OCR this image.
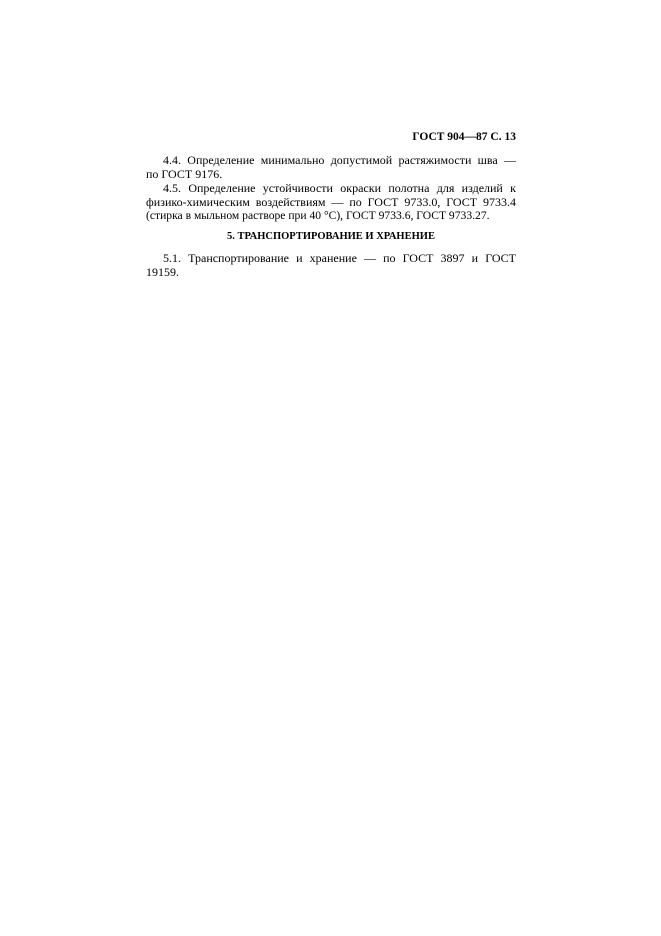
ГОСТ 904—87 С. 13
4.4. Определение минимально допустимой растяжимости шва —
по ГОСТ 9176.
4.5. Определение устойчивости окраски полотна для изделий к
физико-химическим воздействиям — по ГОСТ 9733.0, ГОСТ 9733.4
(стирка в мыльном растворе при 40 °С), ГОСТ 9733.6, ГОСТ 9733.27.
5. ТРАНСПОРТИРОВАНИЕ И ХРАНЕНИЕ
5.1. Транспортирование и хранение — по ГОСТ 3897 и ГОСТ
19159.
